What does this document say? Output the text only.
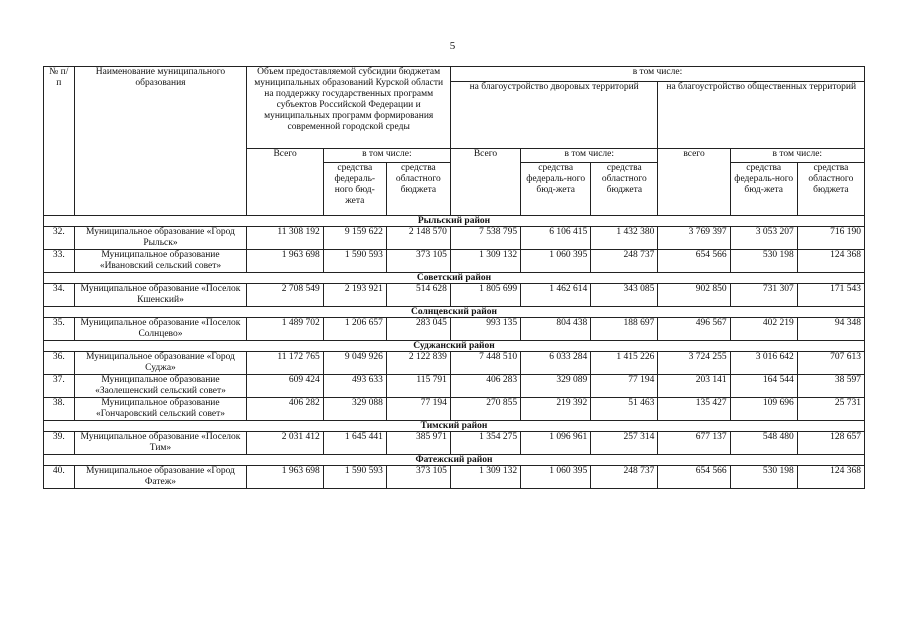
5
№ п/п	Наименование муниципального образования	Объем предоставляемой субсидии бюджетам муниципальных образований Курской области на поддержку государственных программ субъектов Российской Федерации и муниципальных программ формирования современной городской среды			в том числе:					
					на благоустройство дворовых территорий			на благоустройство общественных территорий		
		Всего	в том числе:		Всего	в том числе:		всего	в том числе:	
			средства федераль-ного бюд-жета	средства областного бюджета		средства федераль-ного бюд-жета	средства областного бюджета		средства федераль-ного бюд-жета	средства областного бюджета
Рыльский район										
32.	Муниципальное образование «Город Рыльск»	11 308 192	9 159 622	2 148 570	7 538 795	6 106 415	1 432 380	3 769 397	3 053 207	716 190
33.	Муниципальное образование «Ивановский сельский совет»	1 963 698	1 590 593	373 105	1 309 132	1 060 395	248 737	654 566	530 198	124 368
Советский район										
34.	Муниципальное образование «Поселок Кшенский»	2 708 549	2 193 921	514 628	1 805 699	1 462 614	343 085	902 850	731 307	171 543
Солнцевский район										
35.	Муниципальное образование «Поселок Солнцево»	1 489 702	1 206 657	283 045	993 135	804 438	188 697	496 567	402 219	94 348
Суджанский район										
36.	Муниципальное образование «Город Суджа»	11 172 765	9 049 926	2 122 839	7 448 510	6 033 284	1 415 226	3 724 255	3 016 642	707 613
37.	Муниципальное образование «Заолешенский сельский совет»	609 424	493 633	115 791	406 283	329 089	77 194	203 141	164 544	38 597
38.	Муниципальное образование «Гончаровский сельский совет»	406 282	329 088	77 194	270 855	219 392	51 463	135 427	109 696	25 731
Тимский район										
39.	Муниципальное образование «Поселок Тим»	2 031 412	1 645 441	385 971	1 354 275	1 096 961	257 314	677 137	548 480	128 657
Фатежский район										
40.	Муниципальное образование «Город Фатеж»	1 963 698	1 590 593	373 105	1 309 132	1 060 395	248 737	654 566	530 198	124 368
